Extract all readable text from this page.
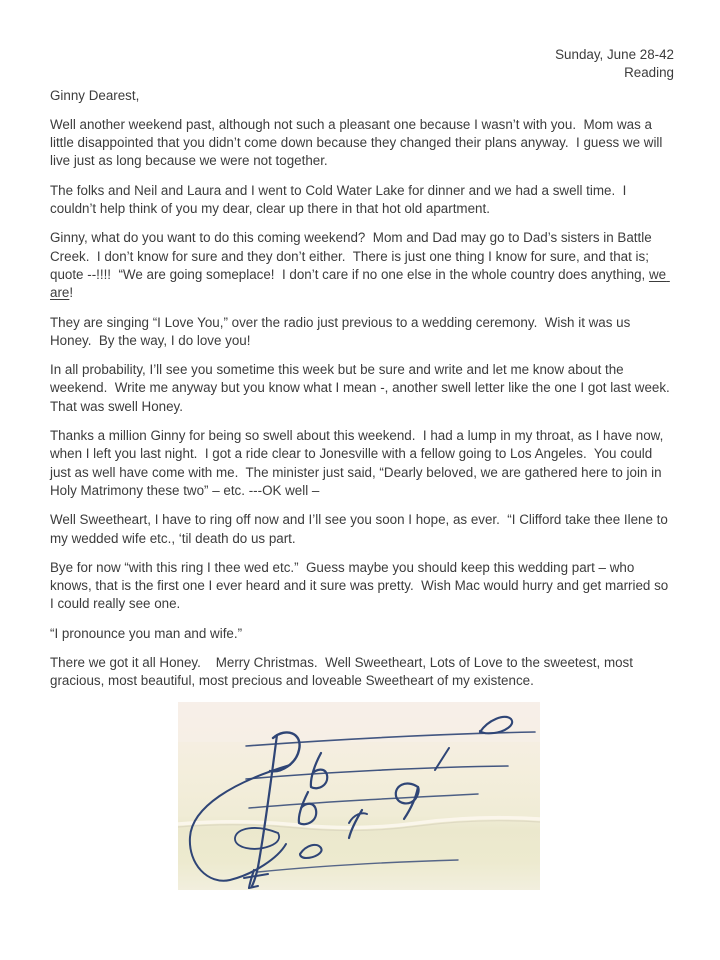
Sunday, June 28-42
Reading

Ginny Dearest,

Well another weekend past, although not such a pleasant one because I wasn’t with you.  Mom was a little disappointed that you didn’t come down because they changed their plans anyway.  I guess we will live just as long because we were not together.

The folks and Neil and Laura and I went to Cold Water Lake for dinner and we had a swell time.  I couldn’t help think of you my dear, clear up there in that hot old apartment.

Ginny, what do you want to do this coming weekend?  Mom and Dad may go to Dad’s sisters in Battle Creek.  I don’t know for sure and they don’t either.  There is just one thing I know for sure, and that is; quote --!!!!  “We are going someplace!  I don’t care if no one else in the whole country does anything, we are!

They are singing “I Love You,” over the radio just previous to a wedding ceremony.  Wish it was us Honey.  By the way, I do love you!

In all probability, I’ll see you sometime this week but be sure and write and let me know about the weekend.  Write me anyway but you know what I mean -, another swell letter like the one I got last week.  That was swell Honey.

Thanks a million Ginny for being so swell about this weekend.  I had a lump in my throat, as I have now, when I left you last night.  I got a ride clear to Jonesville with a fellow going to Los Angeles.  You could just as well have come with me.  The minister just said, “Dearly beloved, we are gathered here to join in Holy Matrimony these two” – etc. ---OK well –

Well Sweetheart, I have to ring off now and I’ll see you soon I hope, as ever.  “I Clifford take thee Ilene to my wedded wife etc., ‘til death do us part.

Bye for now “with this ring I thee wed etc.”  Guess maybe you should keep this wedding part – who knows, that is the first one I ever heard and it sure was pretty.  Wish Mac would hurry and get married so I could really see one.

“I pronounce you man and wife.”

There we got it all Honey.    Merry Christmas.  Well Sweetheart, Lots of Love to the sweetest, most gracious, most beautiful, most precious and loveable Sweetheart of my existence.
